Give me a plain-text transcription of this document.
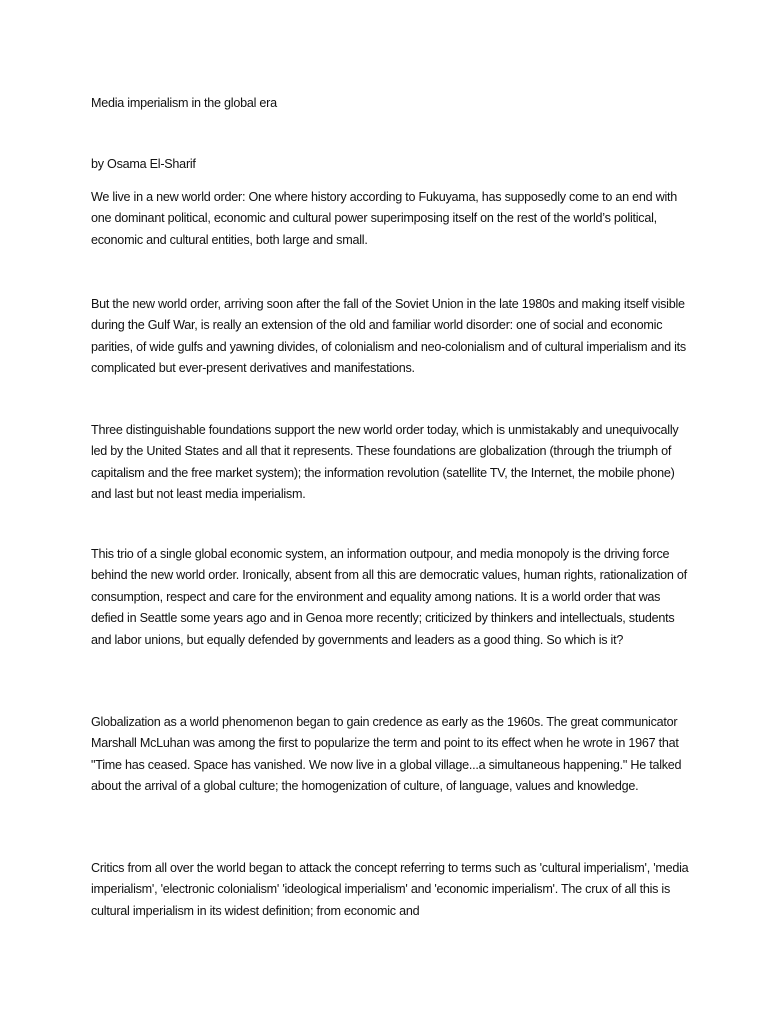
Media imperialism in the global era

by Osama El-Sharif

We live in a new world order: One where history according to Fukuyama, has supposedly come to an end with one dominant political, economic and cultural power superimposing itself on the rest of the world’s political, economic and cultural entities, both large and small.

But the new world order, arriving soon after the fall of the Soviet Union in the late 1980s and making itself visible during the Gulf War, is really an extension of the old and familiar world disorder: one of social and economic parities, of wide gulfs and yawning divides, of colonialism and neo-colonialism and of cultural imperialism and its complicated but ever-present derivatives and manifestations.

Three distinguishable foundations support the new world order today, which is unmistakably and unequivocally led by the United States and all that it represents. These foundations are globalization (through the triumph of capitalism and the free market system); the information revolution (satellite TV, the Internet, the mobile phone) and last but not least media imperialism.

This trio of a single global economic system, an information outpour, and media monopoly is the driving force behind the new world order. Ironically, absent from all this are democratic values, human rights, rationalization of consumption, respect and care for the environment and equality among nations. It is a world order that was defied in Seattle some years ago and in Genoa more recently; criticized by thinkers and intellectuals, students and labor unions, but equally defended by governments and leaders as a good thing. So which is it?

Globalization as a world phenomenon began to gain credence as early as the 1960s. The great communicator Marshall McLuhan was among the first to popularize the term and point to its effect when he wrote in 1967 that "Time has ceased. Space has vanished. We now live in a global village...a simultaneous happening." He talked about the arrival of a global culture; the homogenization of culture, of language, values and knowledge.

Critics from all over the world began to attack the concept referring to terms such as 'cultural imperialism', 'media imperialism', 'electronic colonialism' 'ideological imperialism' and 'economic imperialism'. The crux of all this is cultural imperialism in its widest definition; from economic and
